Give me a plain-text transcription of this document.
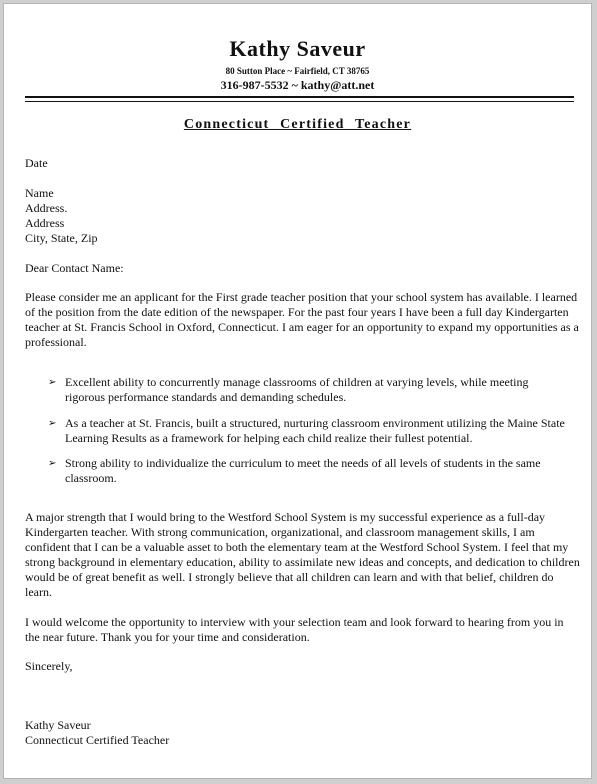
Kathy Saveur
80 Sutton Place ~ Fairfield, CT 38765
316-987-5532 ~ kathy@att.net
Connecticut Certified Teacher
Date
Name
Address.
Address
City, State, Zip
Dear Contact Name:

Please consider me an applicant for the First grade teacher position that your school system has available. I learned of the position from the date edition of the newspaper. For the past four years I have been a full day Kindergarten teacher at St. Francis School in Oxford, Connecticut. I am eager for an opportunity to expand my opportunities as a professional.

➢ Excellent ability to concurrently manage classrooms of children at varying levels, while meeting rigorous performance standards and demanding schedules.
➢ As a teacher at St. Francis, built a structured, nurturing classroom environment utilizing the Maine State Learning Results as a framework for helping each child realize their fullest potential.
➢ Strong ability to individualize the curriculum to meet the needs of all levels of students in the same classroom.

A major strength that I would bring to the Westford School System is my successful experience as a full-day Kindergarten teacher. With strong communication, organizational, and classroom management skills, I am confident that I can be a valuable asset to both the elementary team at the Westford School System. I feel that my strong background in elementary education, ability to assimilate new ideas and concepts, and dedication to children would be of great benefit as well. I strongly believe that all children can learn and with that belief, children do learn.

I would welcome the opportunity to interview with your selection team and look forward to hearing from you in the near future. Thank you for your time and consideration.

Sincerely,
Kathy Saveur
Connecticut Certified Teacher
